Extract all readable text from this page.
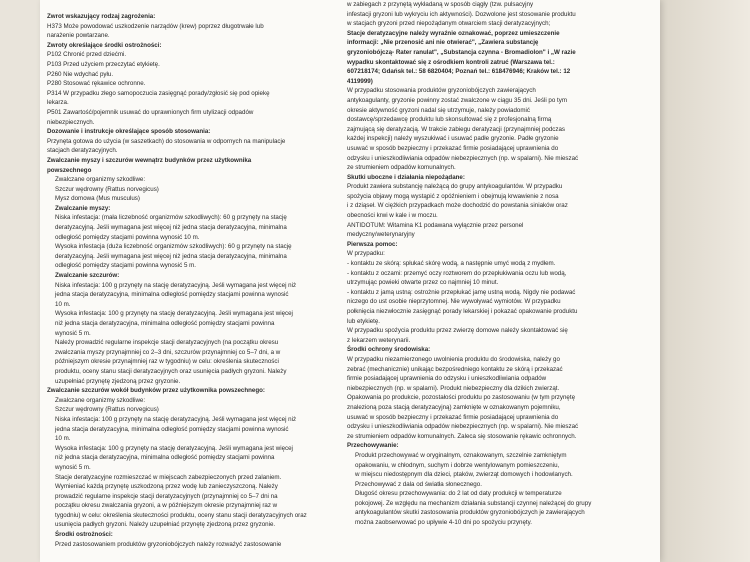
Zwrot wskazujący rodzaj zagrożenia:

H373 Może powodować uszkodzenie narządów (krew) poprzez długotrwałe lub

narażenie powtarzane.

Zwroty określające środki ostrożności:

P102 Chronić przed dziećmi.

P103 Przed użyciem przeczytać etykietę.

P260 Nie wdychać pyłu.

P280 Stosować rękawice ochronne.

P314 W przypadku złego samopoczucia zasięgnąć porady/zgłosić się pod opiekę

lekarza.

P501 Zawartość/pojemnik usuwać do uprawnionych firm utylizacji odpadów

niebezpiecznych.

Dozowanie i instrukcje określające sposób stosowania:

Przynęta gotowa do użycia (w saszetkach) do stosowania w odpornych na manipulacje

stacjach deratyzacyjnych.

Zwalczanie myszy i szczurów wewnątrz budynków przez użytkownika

powszechnego

Zwalczane organizmy szkodliwe:

Szczur wędrowny (Rattus norvegicus)

Mysz domowa (Mus musculus)

Zwalczanie myszy:

Niska infestacja: (mała liczebność organizmów szkodliwych): 60 g przynęty na stację

deratyzacyjną. Jeśli wymagana jest więcej niż jedna stacja deratyzacyjna, minimalna

odległość pomiędzy stacjami powinna wynosić 10 m.

Wysoka infestacja (duża liczebność organizmów szkodliwych): 60 g przynęty na stację

deratyzacyjną. Jeśli wymagana jest więcej niż jedna stacja deratyzacyjna, minimalna

odległość pomiędzy stacjami powinna wynosić 5 m.

Zwalczanie szczurów:

Niska infestacja: 100 g przynęty na stację deratyzacyjną. Jeśli wymagana jest więcej niż

jedna stacja deratyzacyjna, minimalna odległość pomiędzy stacjami powinna wynosić

10 m.

Wysoka infestacja: 100 g przynęty na stację deratyzacyjną. Jeśli wymagana jest więcej

niż jedna stacja deratyzacyjna, minimalna odległość pomiędzy stacjami powinna

wynosić 5 m.

Należy prowadzić regularne inspekcje stacji deratyzacyjnych (na początku okresu

zwalczania myszy przynajmniej co 2–3 dni, szczurów przynajmniej co 5–7 dni, a w

późniejszym okresie przynajmniej raz w tygodniu) w celu: określenia skuteczności

produktu, oceny stanu stacji deratyzacyjnych oraz usunięcia padłych gryzoni. Należy

uzupełniać przynętę zjedzoną przez gryzonie.

Zwalczanie szczurów wokół budynków przez użytkownika powszechnego:

Zwalczane organizmy szkodliwe:

Szczur wędrowny (Rattus norvegicus)

Niska infestacja: 100 g przynęty na stację deratyzacyjną. Jeśli wymagana jest więcej niż

jedna stacja deratyzacyjna, minimalna odległość pomiędzy stacjami powinna wynosić

10 m.

Wysoka infestacja: 100 g przynęty na stację deratyzacyjną. Jeśli wymagana jest więcej

niż jedna stacja deratyzacyjna, minimalna odległość pomiędzy stacjami powinna

wynosić 5 m.

Stacje deratyzacyjne rozmieszczać w miejscach zabezpieczonych przed zalaniem.

Wymieniać każdą przynętę uszkodzoną przez wodę lub zanieczyszczoną. Należy

prowadzić regularne inspekcje stacji deratyzacyjnych (przynajmniej co 5–7 dni na

początku okresu zwalczania gryzoni, a w późniejszym okresie przynajmniej raz w

tygodniu) w celu: określenia skuteczności produktu, oceny stanu stacji deratyzacyjnych oraz

usunięcia padłych gryzoni. Należy uzupełniać przynętę zjedzoną przez gryzonie.

Środki ostrożności:

Przed zastosowaniem produktów gryzoniobójczych należy rozważyć zastosowanie

w zabiegach z przynętą wykładaną w sposób ciągły (tzw. pulsacyjny

infestacji gryzoni lub wykryciu ich aktywności). Dozwolone jest stosowanie produktu

w stacjach gryzoni przed niepożądanym otwarciem stacji deratyzacyjnych;

Stacje deratyzacyjne należy wyraźnie oznakować, poprzez umieszczenie

informacji: „Nie przenosić ani nie otwierać", „Zawiera substancję

gryzoniobójczą- Rater ranulat", „Substancja czynna - Bromadiolon" i „W razie

wypadku skontaktować się z ośrodkiem kontroli zatruć (Warszawa tel.:

607218174; Gdańsk tel.: 58 6820404; Poznań tel.: 618476946; Kraków tel.: 12

4119999)

W przypadku stosowania produktów gryzoniobójczych zawierających

antykoagulanty, gryzonie powinny zostać zwalczone w ciągu 35 dni. Jeśli po tym

okresie aktywność gryzoni nadal się utrzymuje, należy powiadomić

dostawcę/sprzedawcę produktu lub skonsultować się z profesjonalną firmą

zajmującą się deratyzacją. W trakcie zabiegu deratyzacji (przynajmniej podczas

każdej inspekcji) należy wyszukiwać i usuwać padłe gryzonie. Padłe gryzonie

usuwać w sposób bezpieczny i przekazać firmie posiadającej uprawnienia do

odzysku i unieszkodliwiania odpadów niebezpiecznych (np. w spalarni). Nie mieszać

ze strumieniem odpadów komunalnych.

Skutki uboczne i działania niepożądane:

Produkt zawiera substancję należącą do grupy antykoagulantów. W przypadku

spożycia objawy mogą wystąpić z opóźnieniem i obejmują krwawienie z nosa

i z dziąseł. W ciężkich przypadkach może dochodzić do powstania siniaków oraz

obecności krwi w kale i w moczu.

ANTIDOTUM: Witamina K1 podawana wyłącznie przez personel

medyczny/weterynaryjny

Pierwsza pomoc:

W przypadku:

- kontaktu ze skórą: spłukać skórę wodą, a następnie umyć wodą z mydłem.

- kontaktu z oczami: przemyć oczy roztworem do przepłukiwania oczu lub wodą,

utrzymując powieki otwarte przez co najmniej 10 minut.

- kontaktu z jamą ustną: ostrożnie przepłukać jamę ustną wodą. Nigdy nie podawać

niczego do ust osobie nieprzytomnej. Nie wywoływać wymiotów. W przypadku

połknięcia niezwłocznie zasięgnąć porady lekarskiej i pokazać opakowanie produktu

lub etykietę.

W przypadku spożycia produktu przez zwierzę domowe należy skontaktować się

z lekarzem weterynarii.

Środki ochrony środowiska:

W przypadku niezamierzonego uwolnienia produktu do środowiska, należy go

zebrać (mechanicznie) unikając bezpośredniego kontaktu ze skórą i przekazać

firmie posiadającej uprawnienia do odzysku i unieszkodliwiania odpadów

niebezpiecznych (np. w spalarni). Produkt niebezpieczny dla dzikich zwierząt.

Opakowania po produkcie, pozostałości produktu po zastosowaniu (w tym przynętę

znalezioną poza stacją deratyzacyjną) zamknięte w oznakowanym pojemniku,

usuwać w sposób bezpieczny i przekazać firmie posiadającej uprawnienia do

odzysku i unieszkodliwiania odpadów niebezpiecznych (np. w spalarni). Nie mieszać

ze strumieniem odpadów komunalnych. Zaleca się stosowanie rękawic ochronnych.

Przechowywanie:

Produkt przechowywać w oryginalnym, oznakowanym, szczelnie zamkniętym

opakowaniu, w chłodnym, suchym i dobrze wentylowanym pomieszczeniu,

w miejscu niedostępnym dla dzieci, ptaków, zwierząt domowych i hodowlanych.

Przechowywać z dala od światła słonecznego.

Długość okresu przechowywania: do 2 lat od daty produkcji w temperaturze

pokojowej. Ze względu na mechanizm działania substancji czynnej należącej do grupy

antykoagulantów skutki zastosowania produktów gryzoniobójczych je zawierających

można zaobserwować po upływie 4-10 dni po spożyciu przynęty.
